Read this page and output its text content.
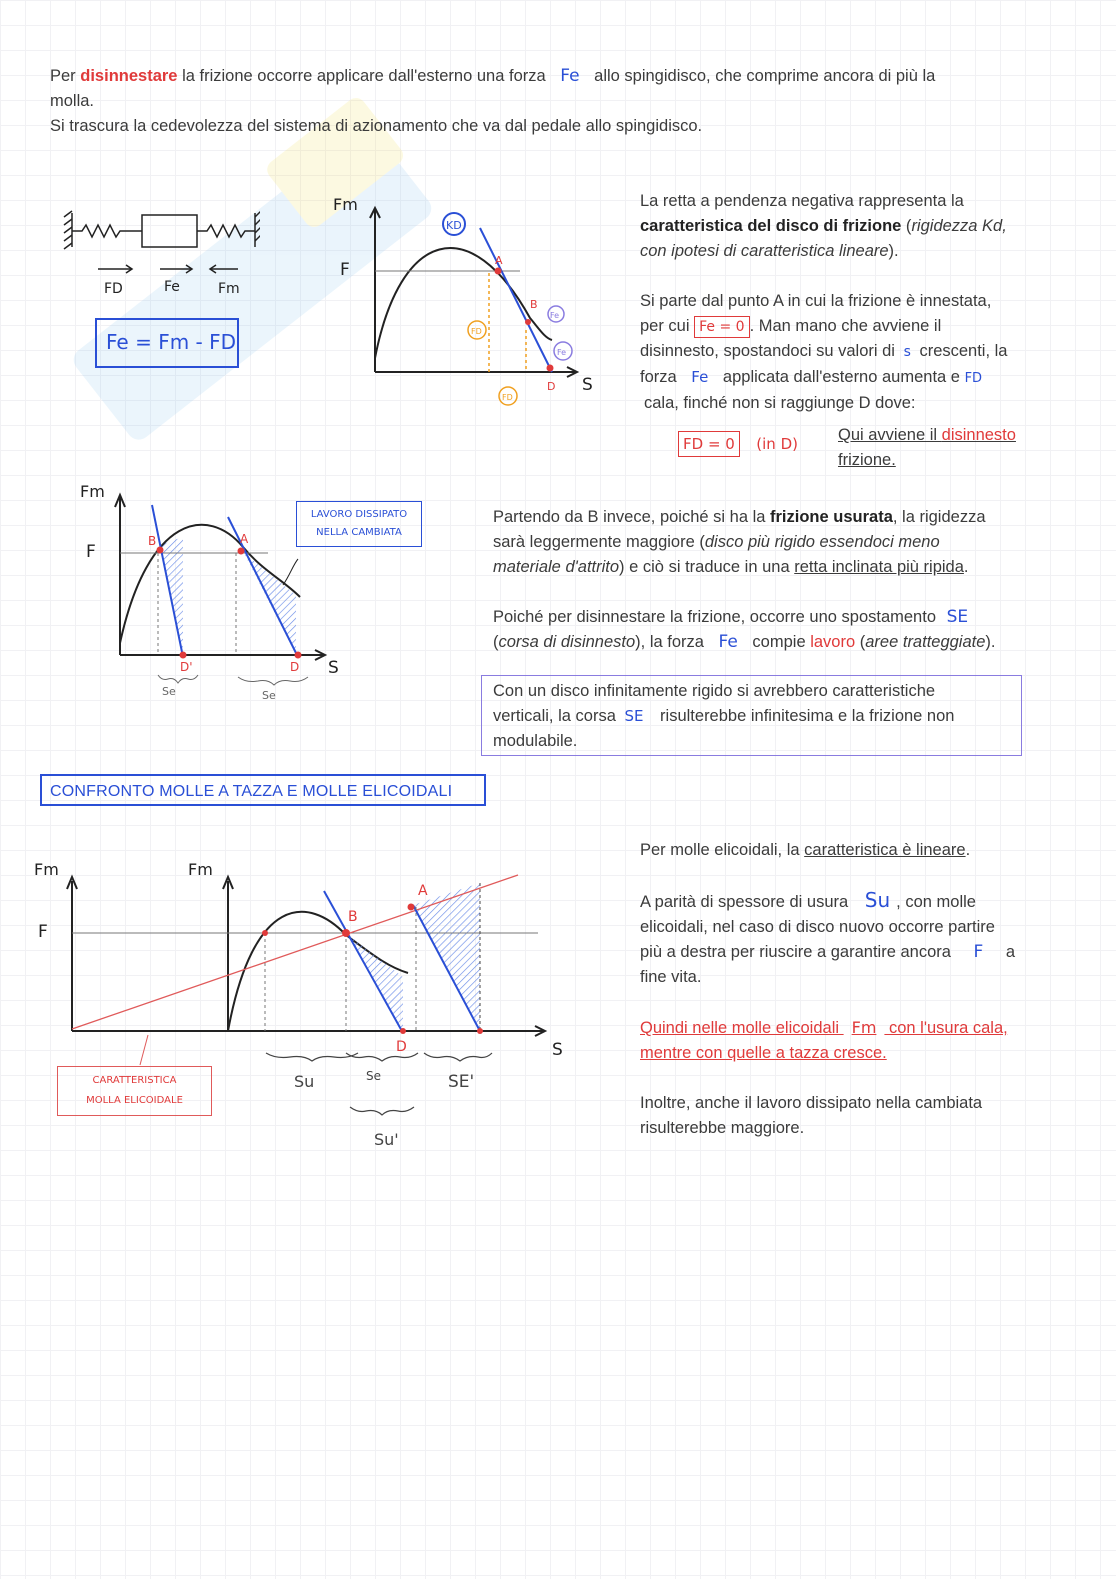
Per disinnestare la frizione occorre applicare dall'esterno una forza Fe allo spingidisco, che comprime ancora di più la
molla.
Si trascura la cedevolezza del sistema di azionamento che va dal pedale allo spingidisco.
FD	Fe	Fm
Fe = Fm - FD
KD
Fm
F
S
A
B
D
FD
FD
Fe
Fe
La retta a pendenza negativa rappresenta la
caratteristica del disco di frizione (rigidezza Kd,
con ipotesi di caratteristica lineare).
Si parte dal punto A in cui la frizione è innestata,
per cui Fe = 0 . Man mano che avviene il
disinnesto, spostandoci su valori di s crescenti, la
forza Fe applicata dall'esterno aumenta e FD
cala, finché non si raggiunge D dove:
FD = 0 (in D) Qui avviene il disinnesto
frizione.
Fm
F
S
B	A
D'	D
Se	Se
LAVORO DISSIPATO
NELLA CAMBIATA
Partendo da B invece, poiché si ha la frizione usurata, la rigidezza
sarà leggermente maggiore (disco più rigido essendoci meno
materiale d'attrito) e ciò si traduce in una retta inclinata più ripida.
Poiché per disinnestare la frizione, occorre uno spostamento SE
(corsa di disinnesto), la forza Fe compie lavoro (aree tratteggiate).
Con un disco infinitamente rigido si avrebbero caratteristiche
verticali, la corsa SE risulterebbe infinitesima e la frizione non
modulabile.
CONFRONTO MOLLE A TAZZA E MOLLE ELICOIDALI
Fm	Fm
F
S
A
B
D
Su	Se	SE'
Su'
CARATTERISTICA
MOLLA ELICOIDALE
Per molle elicoidali, la caratteristica è lineare.
A parità di spessore di usura Su , con molle
elicoidali, nel caso di disco nuovo occorre partire
più a destra per riuscire a garantire ancora F a
fine vita.
Quindi nelle molle elicoidali Fm con l'usura cala,
mentre con quelle a tazza cresce.
Inoltre, anche il lavoro dissipato nella cambiata
risulterebbe maggiore.
